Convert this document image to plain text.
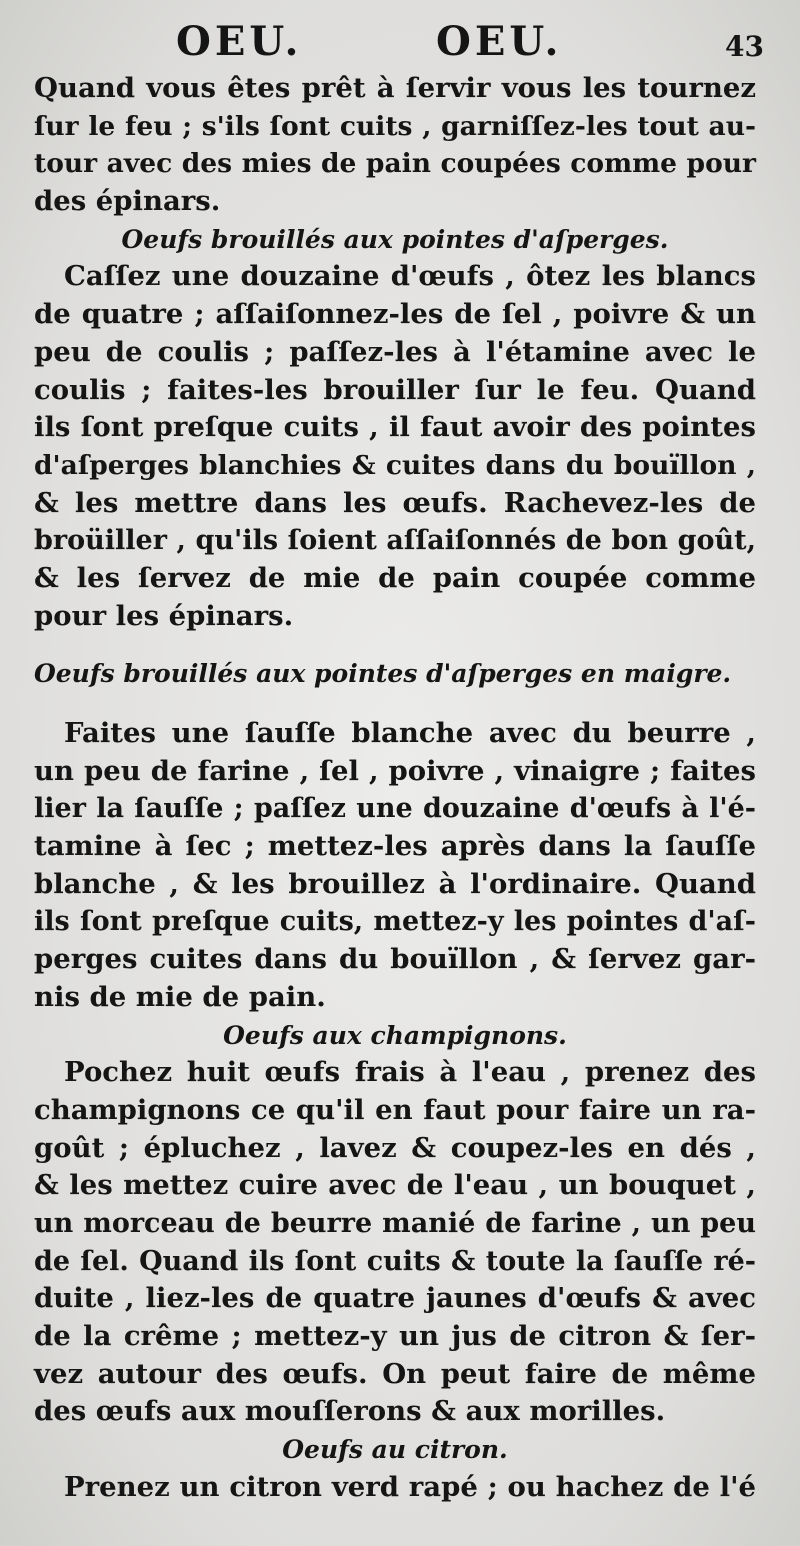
OEU.	OEU.	43
Quand vous êtes prêt à ſervir vous les tournez
ſur le feu ; s'ils ſont cuits , garniſſez-les tout au-
tour avec des mies de pain coupées comme pour
des épinars.
Oeufs brouillés aux pointes d'aſperges.
Caſſez une douzaine d'œufs , ôtez les blancs
de quatre ; aſſaiſonnez-les de ſel , poivre & un
peu de coulis ; paſſez-les à l'étamine avec le
coulis ; faites-les brouiller ſur le feu. Quand
ils ſont preſque cuits , il faut avoir des pointes
d'aſperges blanchies & cuites dans du bouïllon ,
& les mettre dans les œufs. Rachevez-les de
broüiller , qu'ils ſoient aſſaiſonnés de bon goût,
& les ſervez de mie de pain coupée comme
pour les épinars.
Oeufs brouillés aux pointes d'aſperges en maigre.
Faites une ſauſſe blanche avec du beurre ,
un peu de farine , ſel , poivre , vinaigre ; faites
lier la ſauſſe ; paſſez une douzaine d'œufs à l'é-
tamine à ſec ; mettez-les après dans la ſauſſe
blanche , & les brouillez à l'ordinaire. Quand
ils ſont preſque cuits, mettez-y les pointes d'aſ-
perges cuites dans du bouïllon , & ſervez gar-
nis de mie de pain.
Oeufs aux champignons.
Pochez huit œufs frais à l'eau , prenez des
champignons ce qu'il en faut pour faire un ra-
goût ; épluchez , lavez & coupez-les en dés ,
& les mettez cuire avec de l'eau , un bouquet ,
un morceau de beurre manié de farine , un peu
de ſel. Quand ils ſont cuits & toute la ſauſſe ré-
duite , liez-les de quatre jaunes d'œufs & avec
de la crême ; mettez-y un jus de citron & ſer-
vez autour des œufs. On peut faire de même
des œufs aux mouſſerons & aux morilles.
Oeufs au citron.
Prenez un citron verd rapé ; ou hachez de l'é
